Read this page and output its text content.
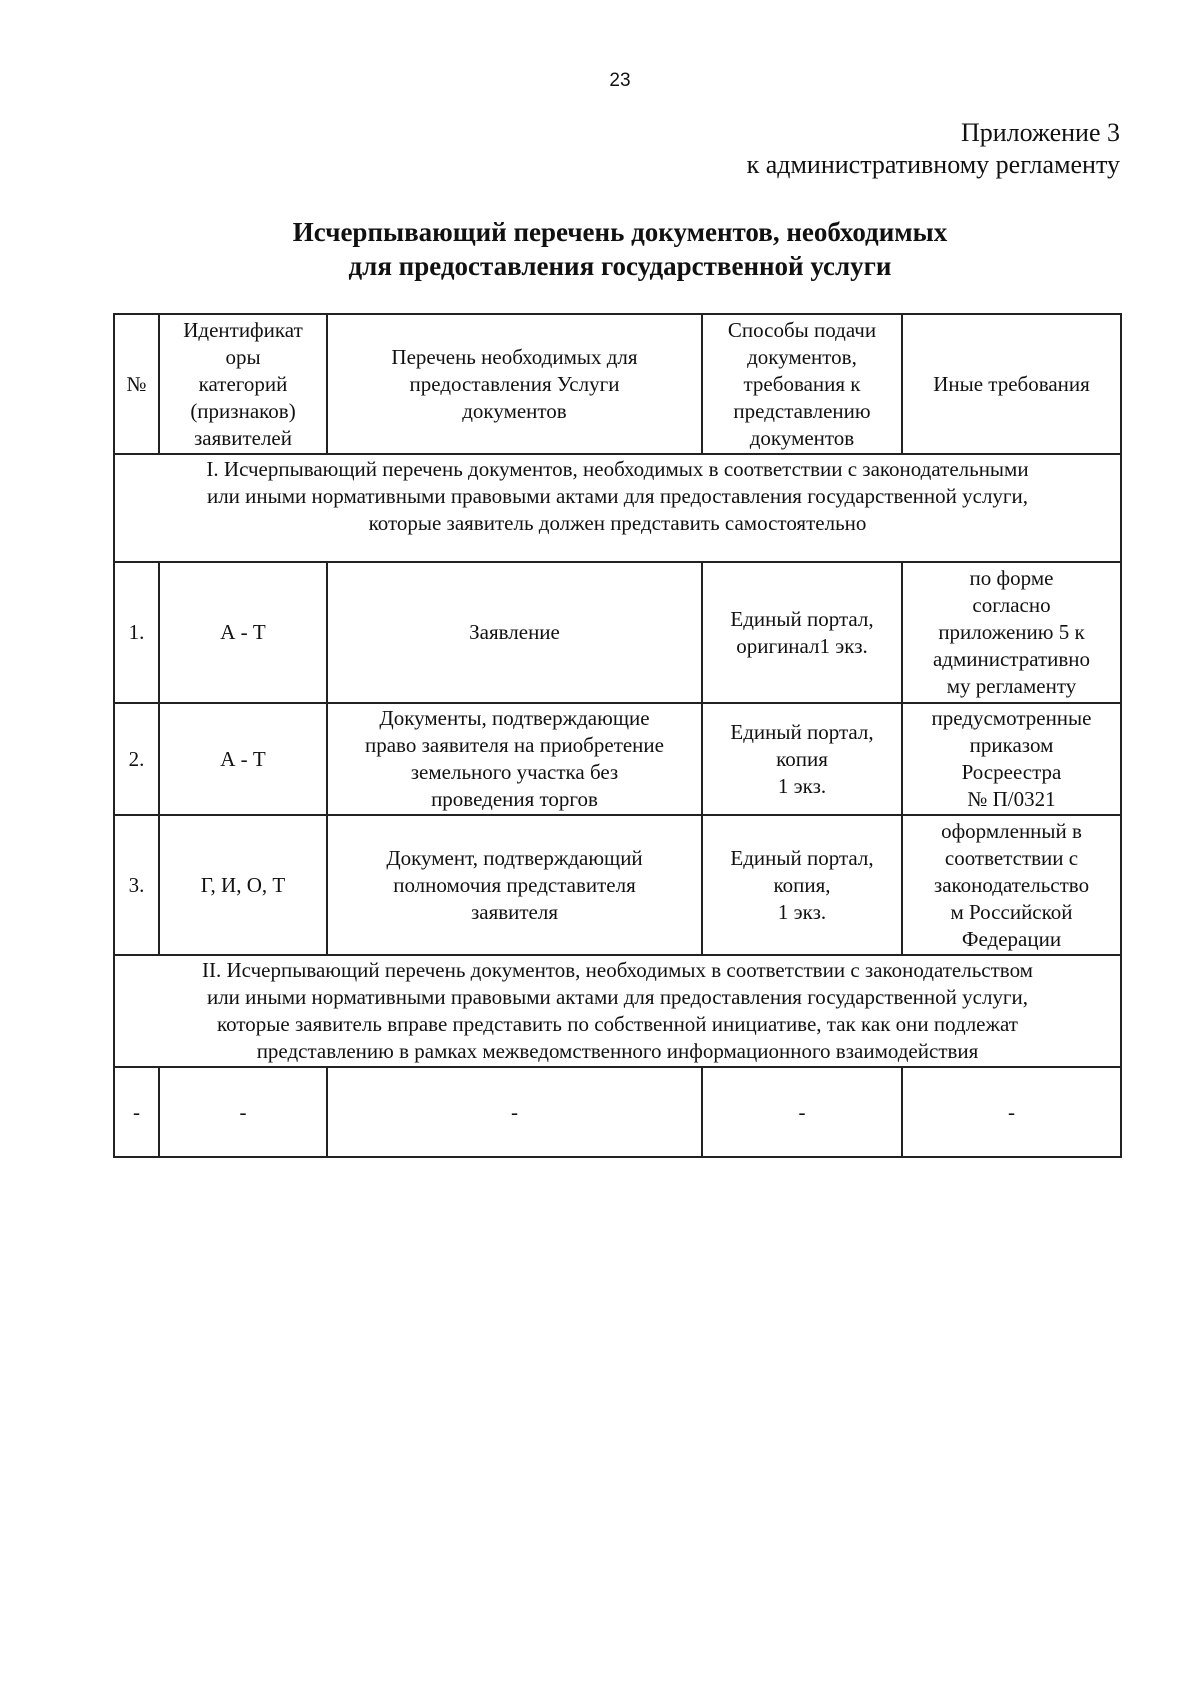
23
Приложение 3
к административному регламенту
Исчерпывающий перечень документов, необходимых
для предоставления государственной услуги
№	Идентификат
оры
категорий
(признаков)
заявителей	Перечень необходимых для
предоставления Услуги
документов	Способы подачи
документов,
требования к
представлению
документов	Иные требования
I. Исчерпывающий перечень документов, необходимых в соответствии с законодательными
или иными нормативными правовыми актами для предоставления государственной услуги,
которые заявитель должен представить самостоятельно				
1.	А - Т	Заявление	Единый портал,
оригинал1 экз.	по форме
согласно
приложению 5 к
административно
му регламенту
2.	А - Т	Документы, подтверждающие
право заявителя на приобретение
земельного участка без
проведения торгов	Единый портал,
копия
1 экз.	предусмотренные
приказом
Росреестра
№ П/0321
3.	Г, И, О, Т	Документ, подтверждающий
полномочия представителя
заявителя	Единый портал,
копия,
1 экз.	оформленный в
соответствии с
законодательство
м Российской
Федерации
II. Исчерпывающий перечень документов, необходимых в соответствии с законодательством
или иными нормативными правовыми актами для предоставления государственной услуги,
которые заявитель вправе представить по собственной инициативе, так как они подлежат
представлению в рамках межведомственного информационного взаимодействия				
-	-	-	-	-
